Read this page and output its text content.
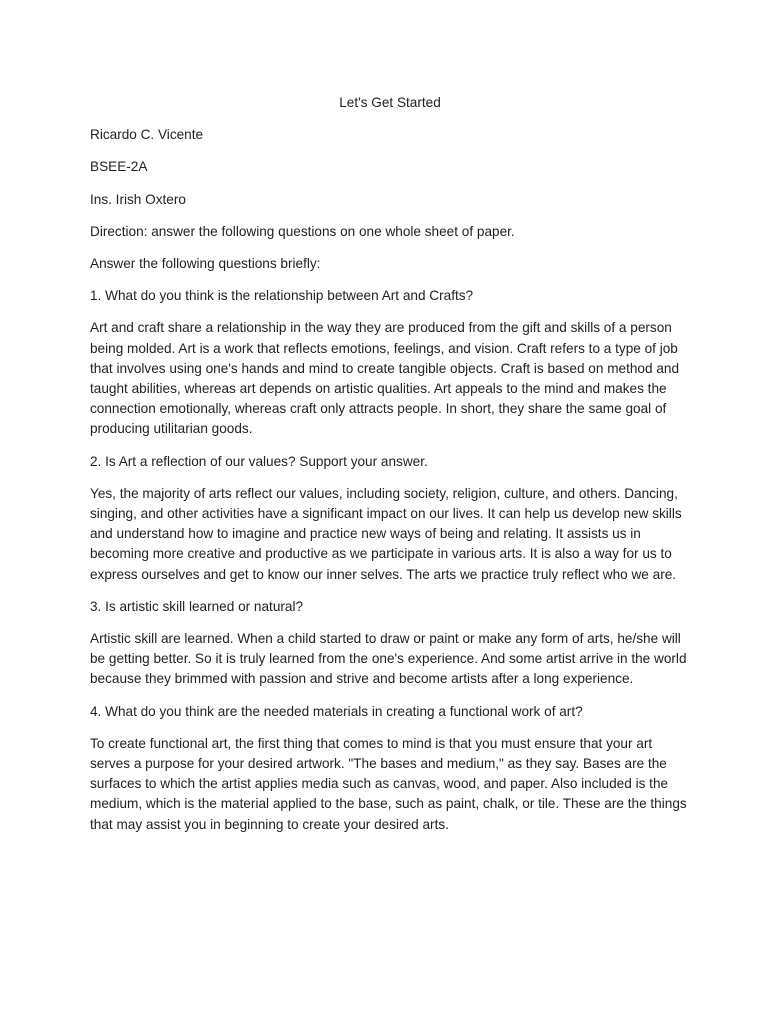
Let's Get Started
Ricardo C. Vicente
BSEE-2A
Ins. Irish Oxtero
Direction: answer the following questions on one whole sheet of paper.
Answer the following questions briefly:
1. What do you think is the relationship between Art and Crafts?
Art and craft share a relationship in the way they are produced from the gift and skills of a person being molded. Art is a work that reflects emotions, feelings, and vision. Craft refers to a type of job that involves using one's hands and mind to create tangible objects. Craft is based on method and taught abilities, whereas art depends on artistic qualities. Art appeals to the mind and makes the connection emotionally, whereas craft only attracts people. In short, they share the same goal of producing utilitarian goods.
2. Is Art a reflection of our values? Support your answer.
Yes, the majority of arts reflect our values, including society, religion, culture, and others. Dancing, singing, and other activities have a significant impact on our lives. It can help us develop new skills and understand how to imagine and practice new ways of being and relating. It assists us in becoming more creative and productive as we participate in various arts. It is also a way for us to express ourselves and get to know our inner selves. The arts we practice truly reflect who we are.
3. Is artistic skill learned or natural?
Artistic skill are learned. When a child started to draw or paint or make any form of arts, he/she will be getting better. So it is truly learned from the one's experience. And some artist arrive in the world because they brimmed with passion and strive and become artists after a long experience.
4. What do you think are the needed materials in creating a functional work of art?
To create functional art, the first thing that comes to mind is that you must ensure that your art serves a purpose for your desired artwork. "The bases and medium," as they say. Bases are the surfaces to which the artist applies media such as canvas, wood, and paper. Also included is the medium, which is the material applied to the base, such as paint, chalk, or tile. These are the things that may assist you in beginning to create your desired arts.
